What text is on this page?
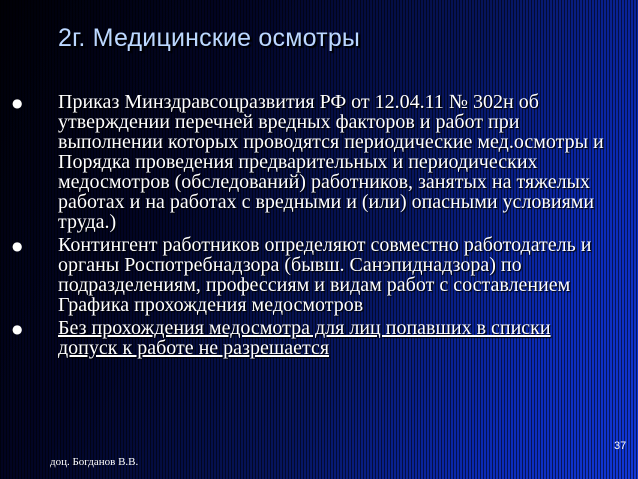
2г. Медицинские осмотры
●	Приказ Минздравсоцразвития РФ от 12.04.11 № 302н об утверждении перечней вредных факторов и работ при выполнении которых проводятся периодические мед.осмотры и Порядка проведения предварительных и периодических медосмотров (обследований) работников, занятых на тяжелых работах и на работах с вредными и (или) опасными условиями труда.)
●	Контингент работников определяют совместно работодатель и органы Роспотребнадзора (бывш. Санэпиднадзора) по подразделениям, профессиям и видам работ с составлением Графика прохождения медосмотров
●	Без прохождения медосмотра для лиц попавших в списки допуск к работе не разрешается
доц. Богданов В.В.
37
